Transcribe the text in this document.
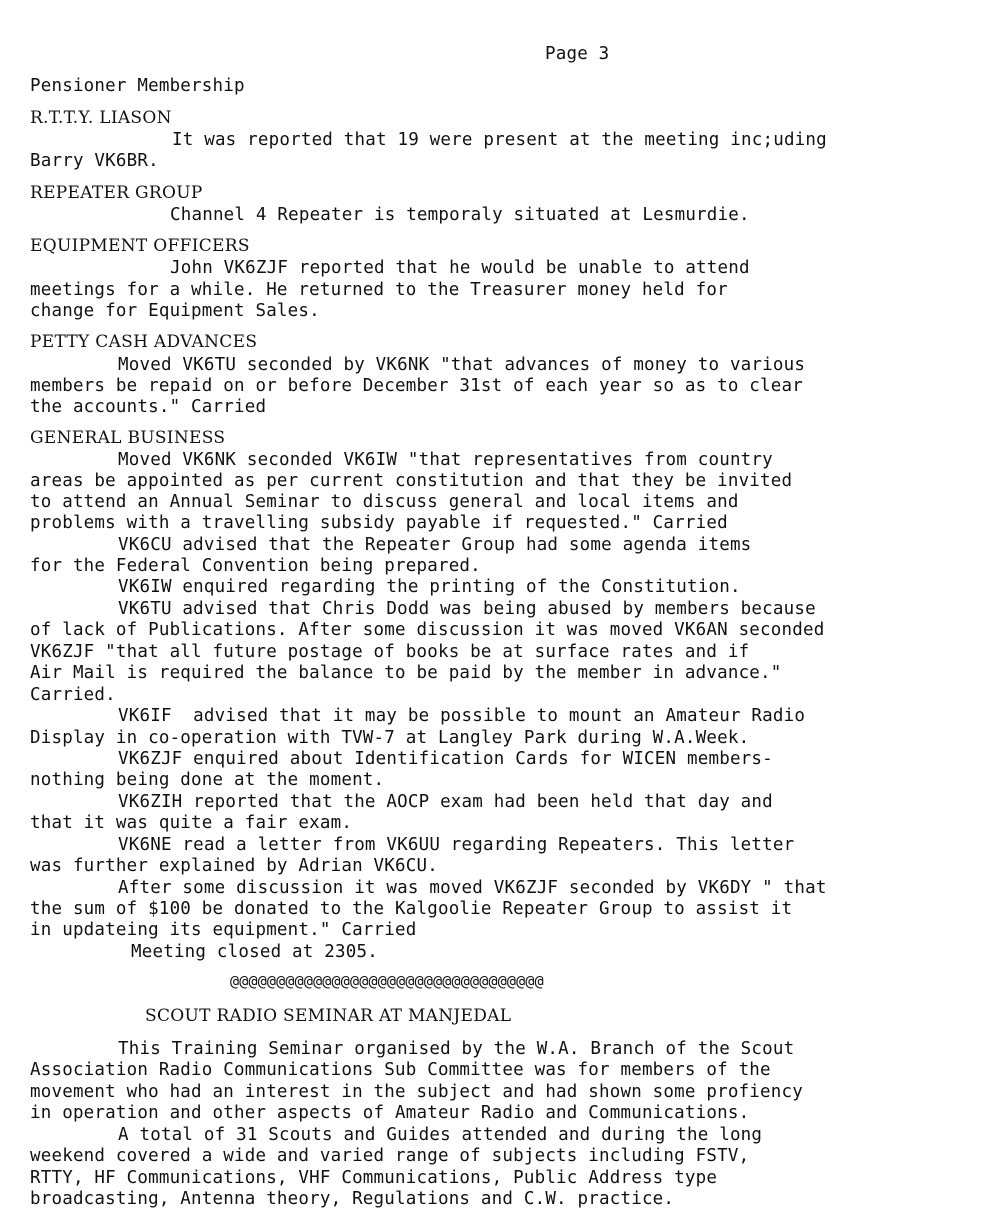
Page 3
Pensioner Membership
R.T.T.Y. LIASON
It was reported that 19 were present at the meeting inc;uding
Barry VK6BR.
REPEATER GROUP
Channel 4 Repeater is temporaly situated at Lesmurdie.
EQUIPMENT OFFICERS
John VK6ZJF reported that he would be unable to attend
meetings for a while. He returned to the Treasurer money held for
change for Equipment Sales.
PETTY CASH ADVANCES
Moved VK6TU seconded by VK6NK "that advances of money to various
members be repaid on or before December 31st of each year so as to clear
the accounts." Carried
GENERAL BUSINESS
Moved VK6NK seconded VK6IW "that representatives from country
areas be appointed as per current constitution and that they be invited
to attend an Annual Seminar to discuss general and local items and
problems with a travelling subsidy payable if requested." Carried
VK6CU advised that the Repeater Group had some agenda items
for the Federal Convention being prepared.
VK6IW enquired regarding the printing of the Constitution.
VK6TU advised that Chris Dodd was being abused by members because
of lack of Publications. After some discussion it was moved VK6AN seconded
VK6ZJF "that all future postage of books be at surface rates and if
Air Mail is required the balance to be paid by the member in advance."
Carried.
VK6IF  advised that it may be possible to mount an Amateur Radio
Display in co-operation with TVW-7 at Langley Park during W.A.Week.
VK6ZJF enquired about Identification Cards for WICEN members-
nothing being done at the moment.
VK6ZIH reported that the AOCP exam had been held that day and
that it was quite a fair exam.
VK6NE read a letter from VK6UU regarding Repeaters. This letter
was further explained by Adrian VK6CU.
After some discussion it was moved VK6ZJF seconded by VK6DY " that
the sum of $100 be donated to the Kalgoolie Repeater Group to assist it
in updateing its equipment." Carried
Meeting closed at 2305.
@@@@@@@@@@@@@@@@@@@@@@@@@@@@@@@@@@
SCOUT RADIO SEMINAR AT MANJEDAL
This Training Seminar organised by the W.A. Branch of the Scout
Association Radio Communications Sub Committee was for members of the
movement who had an interest in the subject and had shown some profiency
in operation and other aspects of Amateur Radio and Communications.
A total of 31 Scouts and Guides attended and during the long
weekend covered a wide and varied range of subjects including FSTV,
RTTY, HF Communications, VHF Communications, Public Address type
broadcasting, Antenna theory, Regulations and C.W. practice.
